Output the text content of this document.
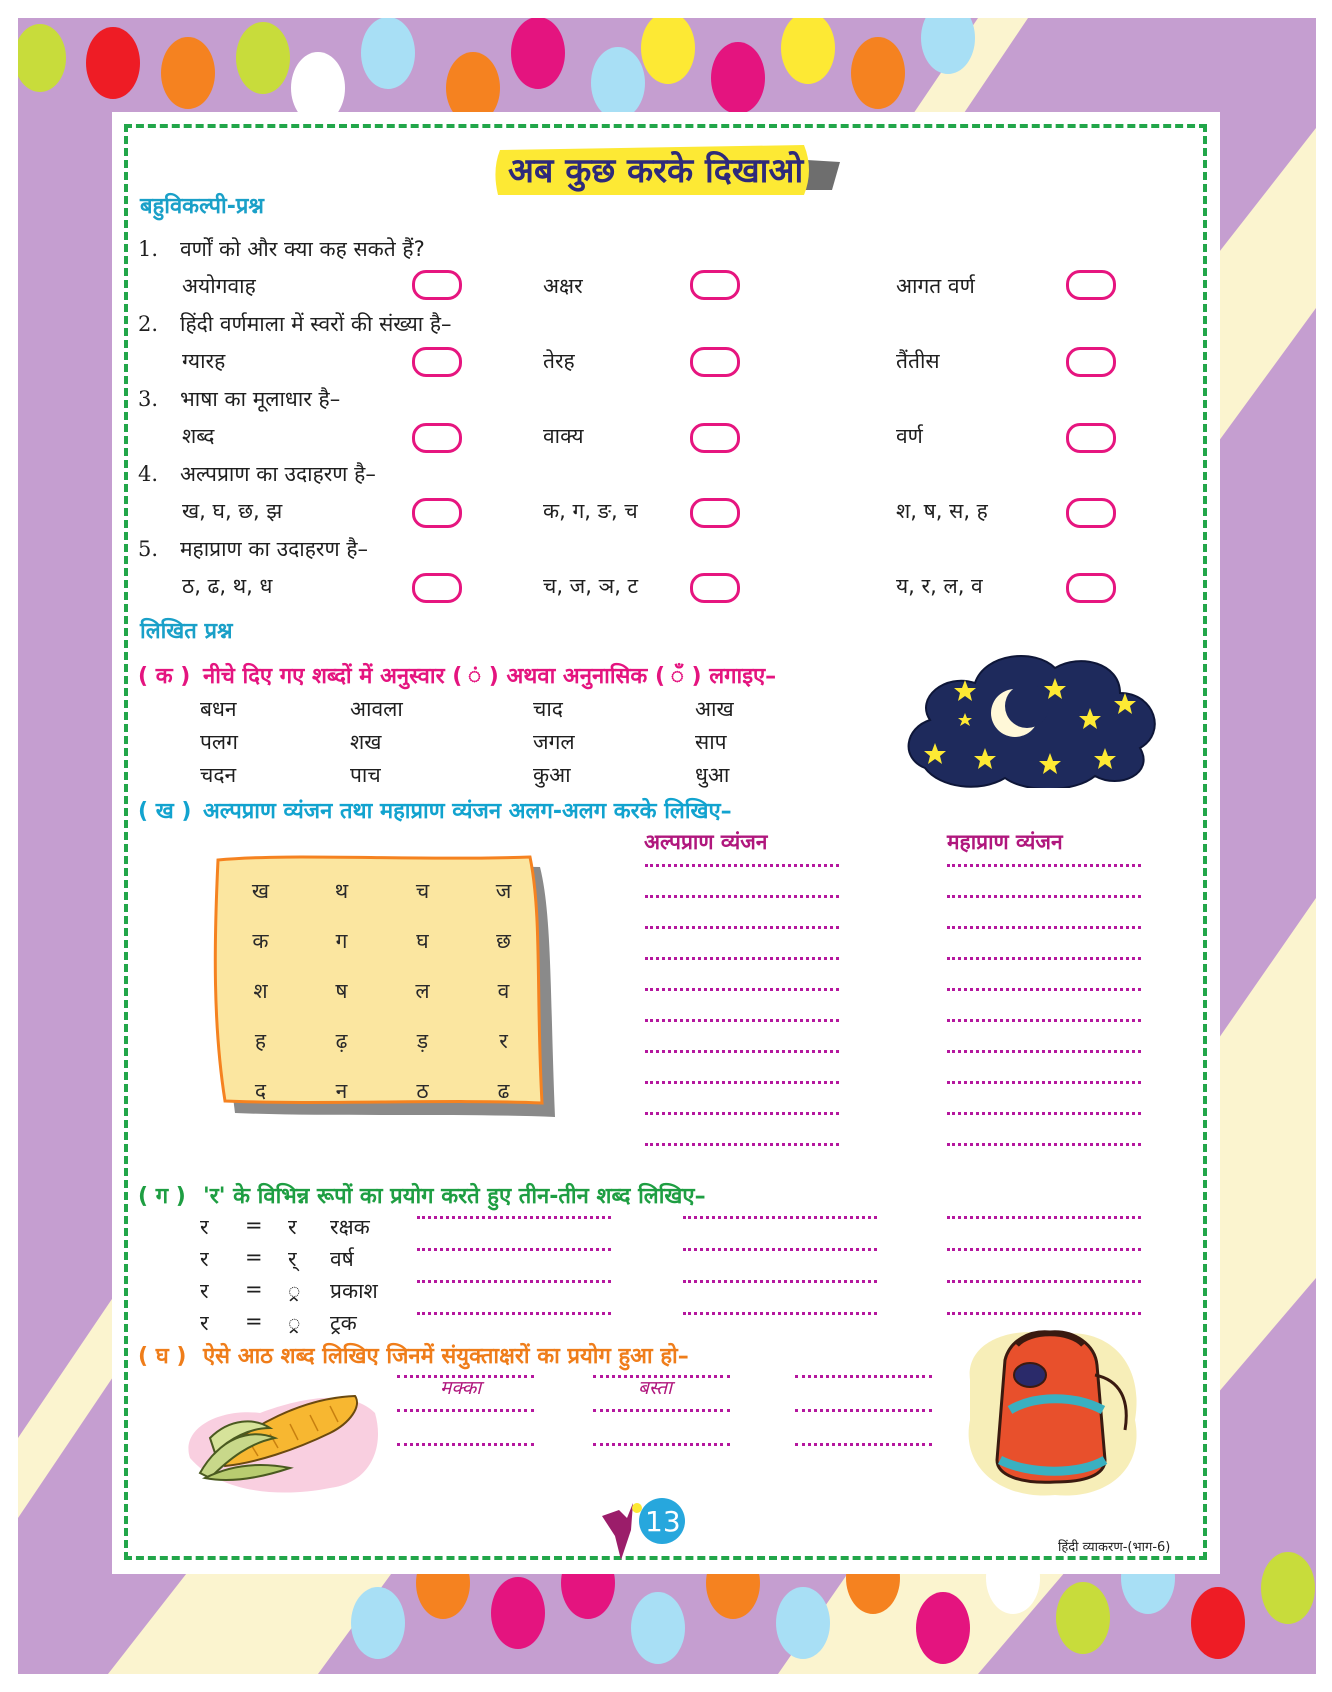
अब कुछ करके दिखाओ
बहुविकल्पी-प्रश्न
1. वर्णों को और क्या कह सकते हैं?
अयोगवाह	अक्षर	आगत वर्ण
2. हिंदी वर्णमाला में स्वरों की संख्या है–
ग्यारह	तेरह	तैंतीस
3. भाषा का मूलाधार है–
शब्द	वाक्य	वर्ण
4. अल्पप्राण का उदाहरण है–
ख, घ, छ, झ	क, ग, ङ, च	श, ष, स, ह
5. महाप्राण का उदाहरण है–
ठ, ढ, थ, ध	च, ज, ञ, ट	य, र, ल, व
लिखित प्रश्न
( क ) नीचे दिए गए शब्दों में अनुस्वार ( ं ) अथवा अनुनासिक ( ँ ) लगाइए–
बधन	आवला	चाद	आख
पलग	शख	जगल	साप
चदन	पाच	कुआ	धुआ
( ख ) अल्पप्राण व्यंजन तथा महाप्राण व्यंजन अलग-अलग करके लिखिए–
ख	थ	च	ज
क	ग	घ	छ
श	ष	ल	व
ह	ढ़	ड़	र
द	न	ठ	ढ
अल्पप्राण व्यंजन	महाप्राण व्यंजन
( ग ) 'र' के विभिन्न रूपों का प्रयोग करते हुए तीन-तीन शब्द लिखिए–
र = र रक्षक
र = र् वर्ष
र = ्र प्रकाश
र = ्र ट्रक
( घ ) ऐसे आठ शब्द लिखिए जिनमें संयुक्ताक्षरों का प्रयोग हुआ हो–
मक्का	बस्ता
13
हिंदी व्याकरण-(भाग-6)
